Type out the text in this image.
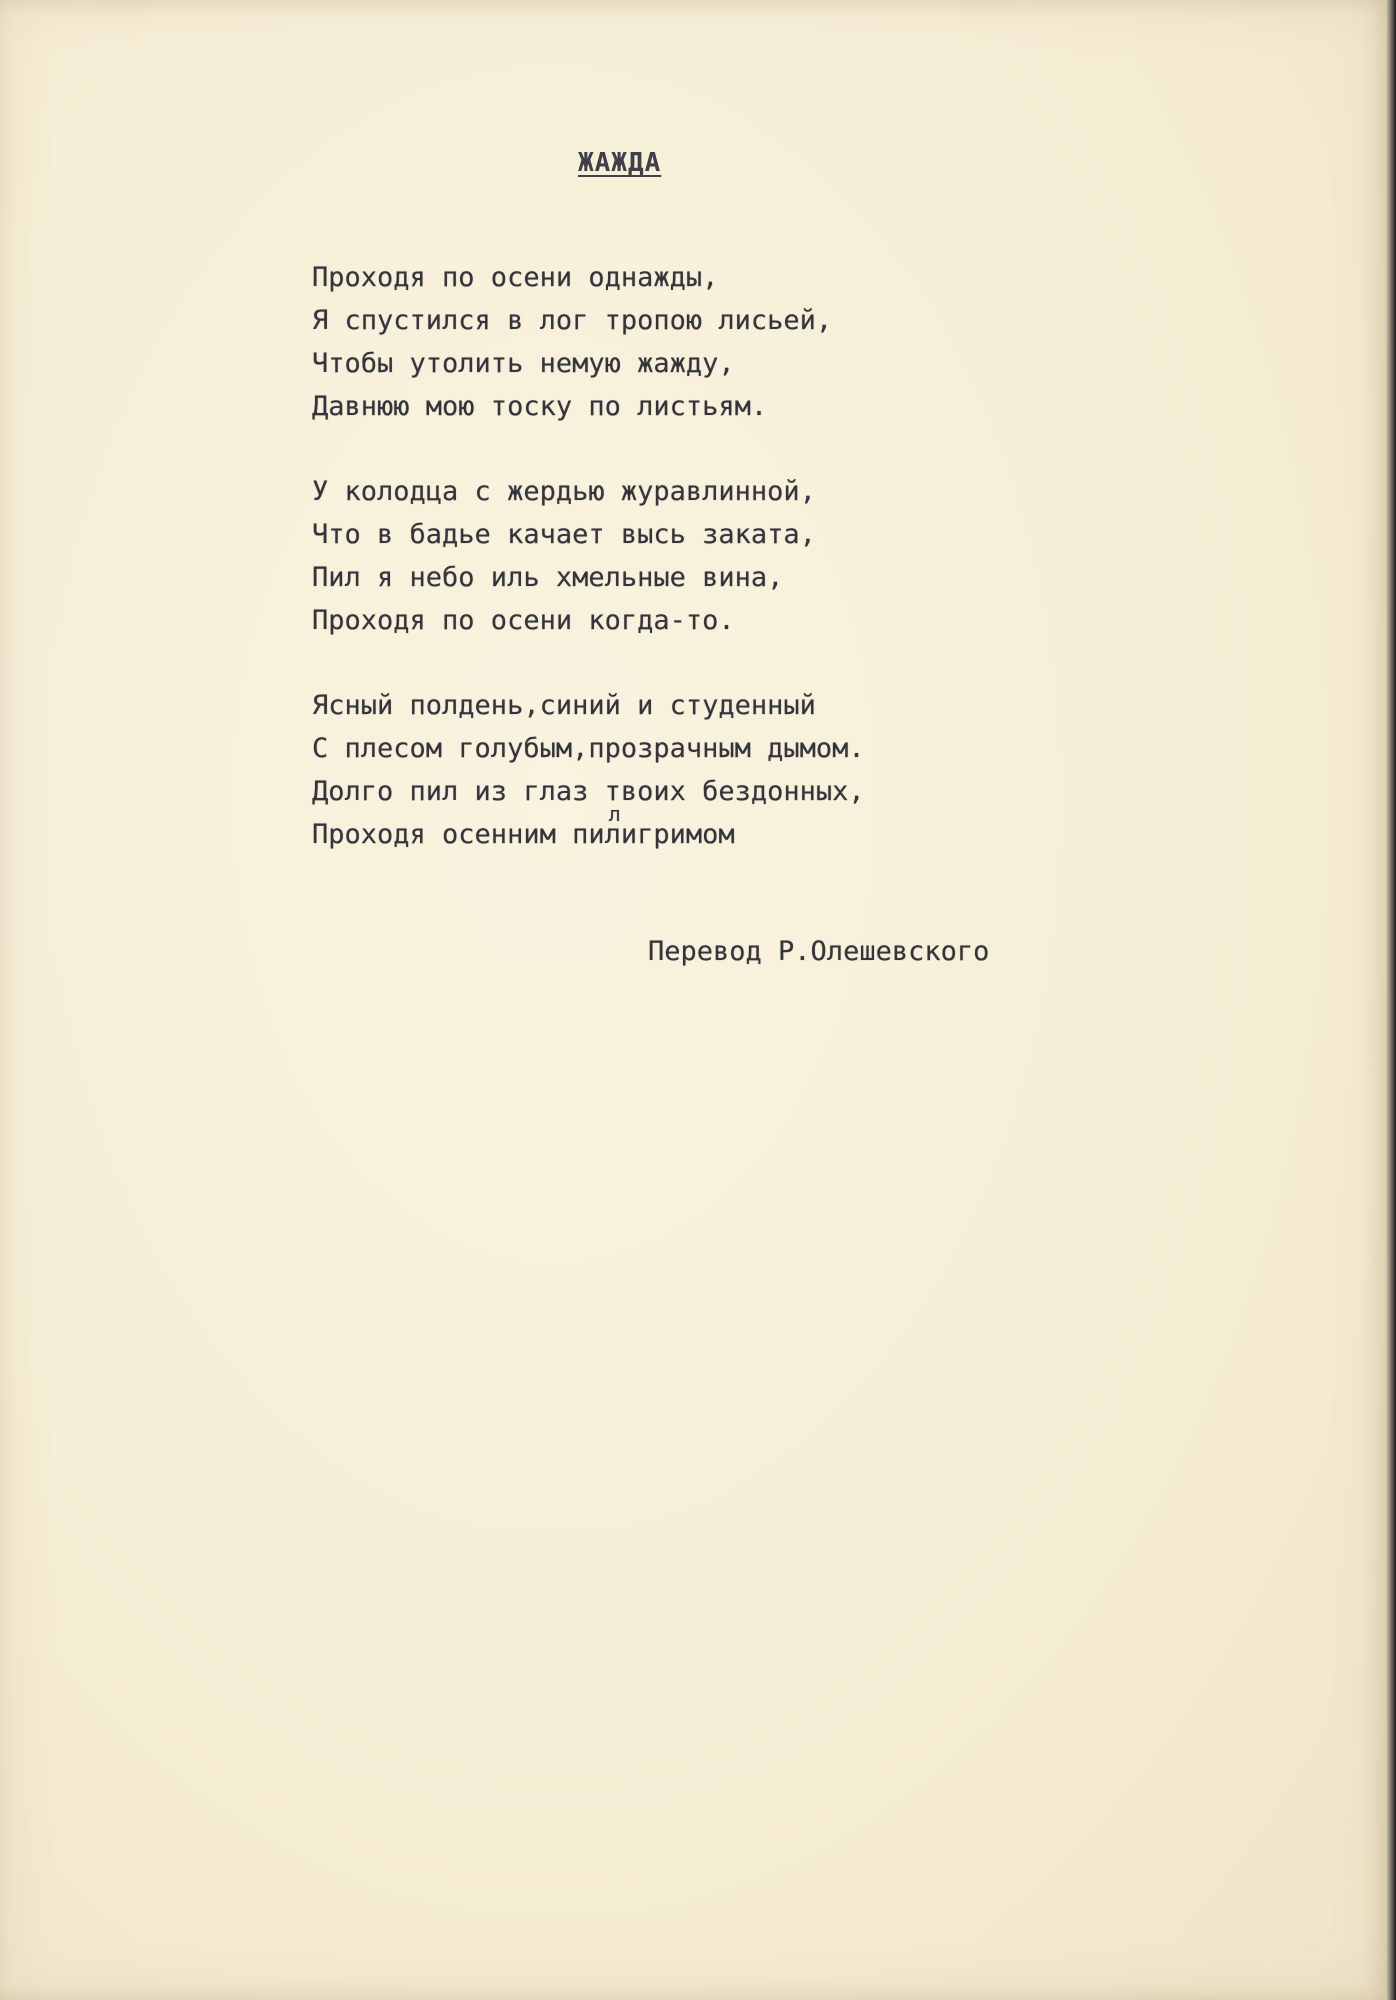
ЖАЖДА
Проходя по осени однажды,
Я спустился в лог тропою лисьей,
Чтобы утолить немую жажду,
Давнюю мою тоску по листьям.
У колодца с жердью журавлинной,
Что в бадье качает высь заката,
Пил я небо иль хмельные вина,
Проходя по осени когда-то.
Ясный полдень,синий и студенный
С плесом голубым,прозрачным дымом.
Долго пил из глаз твоих бездонных,
Проходя осенним пи
л
лигримом

Перевод Р.Олешевского
